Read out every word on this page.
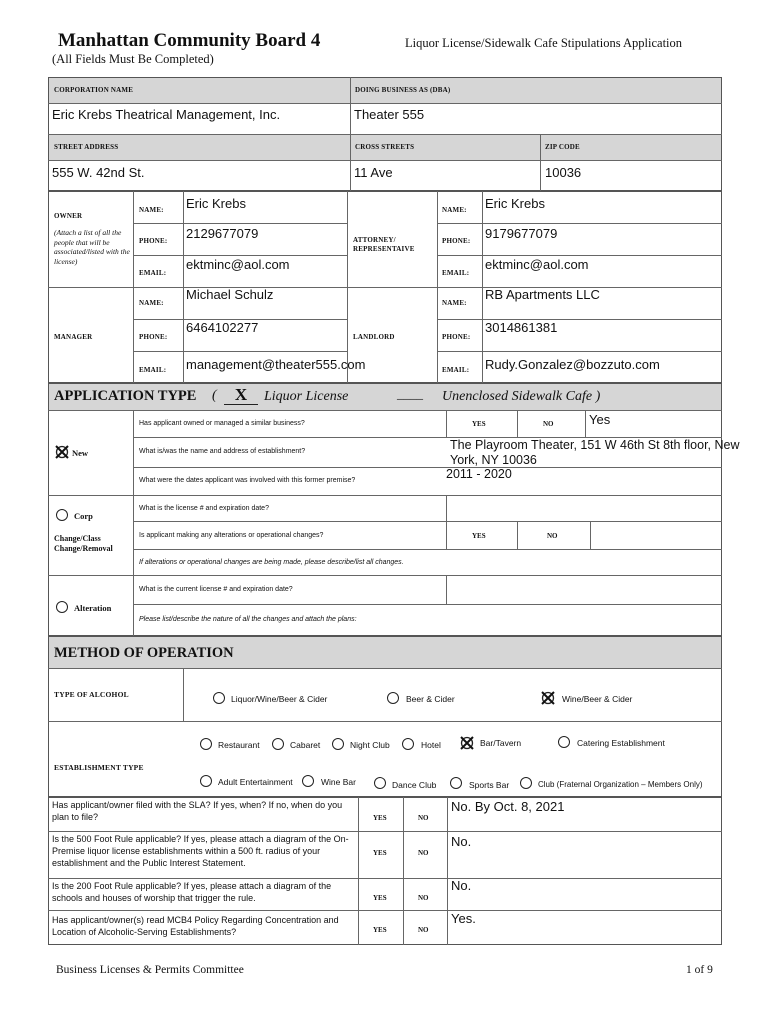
Manhattan Community Board 4
(All Fields Must Be Completed)
Liquor License/Sidewalk Cafe Stipulations Application
CORPORATION NAME
Eric Krebs Theatrical Management, Inc.
DOING BUSINESS AS (DBA)
Theater 555
STREET ADDRESS
555 W. 42nd St.
CROSS STREETS
11 Ave
ZIP CODE
10036
OWNER
(Attach a list of all the people that will be associated/listed with the license)
NAME: Eric Krebs
PHONE: 2129677079
EMAIL:
ektminc@aol.com
ATTORNEY/ REPRESENTAIVE
NAME: Eric Krebs
PHONE: 9179677079
EMAIL:
ektminc@aol.com
MANAGER
NAME:
Michael Schulz
PHONE:
6464102277
EMAIL: management@theater555.com
LANDLORD
NAME:
RB Apartments LLC
PHONE:
3014861381
EMAIL: Rudy.Gonzalez@bozzuto.com
APPLICATION TYPE (	X	Liquor License	____ Unenclosed Sidewalk Cafe )
New
Has applicant owned or managed a similar business?	YES	NO	Yes
What is/was the name and address of establishment?	The Playroom Theater, 151 W 46th St 8th floor, New
York, NY 10036
What were the dates applicant was involved with this former premise?	2011 - 2020
Corp
Change/Class Change/Removal
What is the license # and expiration date?
Is applicant making any alterations or operational changes?	YES	NO
If alterations or operational changes are being made, please describe/list all changes.
Alteration
What is the current license # and expiration date?
Please list/describe the nature of all the changes and attach the plans:
METHOD OF OPERATION
TYPE OF ALCOHOL	Liquor/Wine/Beer & Cider	Beer & Cider	Wine/Beer & Cider
ESTABLISHMENT TYPE
Restaurant	Cabaret	Night Club	Hotel	Bar/Tavern	Catering Establishment
Adult Entertainment	Wine Bar	Dance Club	Sports Bar	Club (Fraternal Organization – Members Only)
Has applicant/owner filed with the SLA? If yes, when? If no, when do you plan to file?	YES	NO
No. By Oct. 8, 2021
Is the 500 Foot Rule applicable? If yes, please attach a diagram of the On-Premise liquor license establishments within a 500 ft. radius of your establishment and the Public Interest Statement.
YES	NO
No.
Is the 200 Foot Rule applicable? If yes, please attach a diagram of the schools and houses of worship that trigger the rule.	YES	NO
No.
Has applicant/owner(s) read MCB4 Policy Regarding Concentration and Location of Alcoholic-Serving Establishments?	YES	NO
Yes.
Business Licenses & Permits Committee	1 of 9
